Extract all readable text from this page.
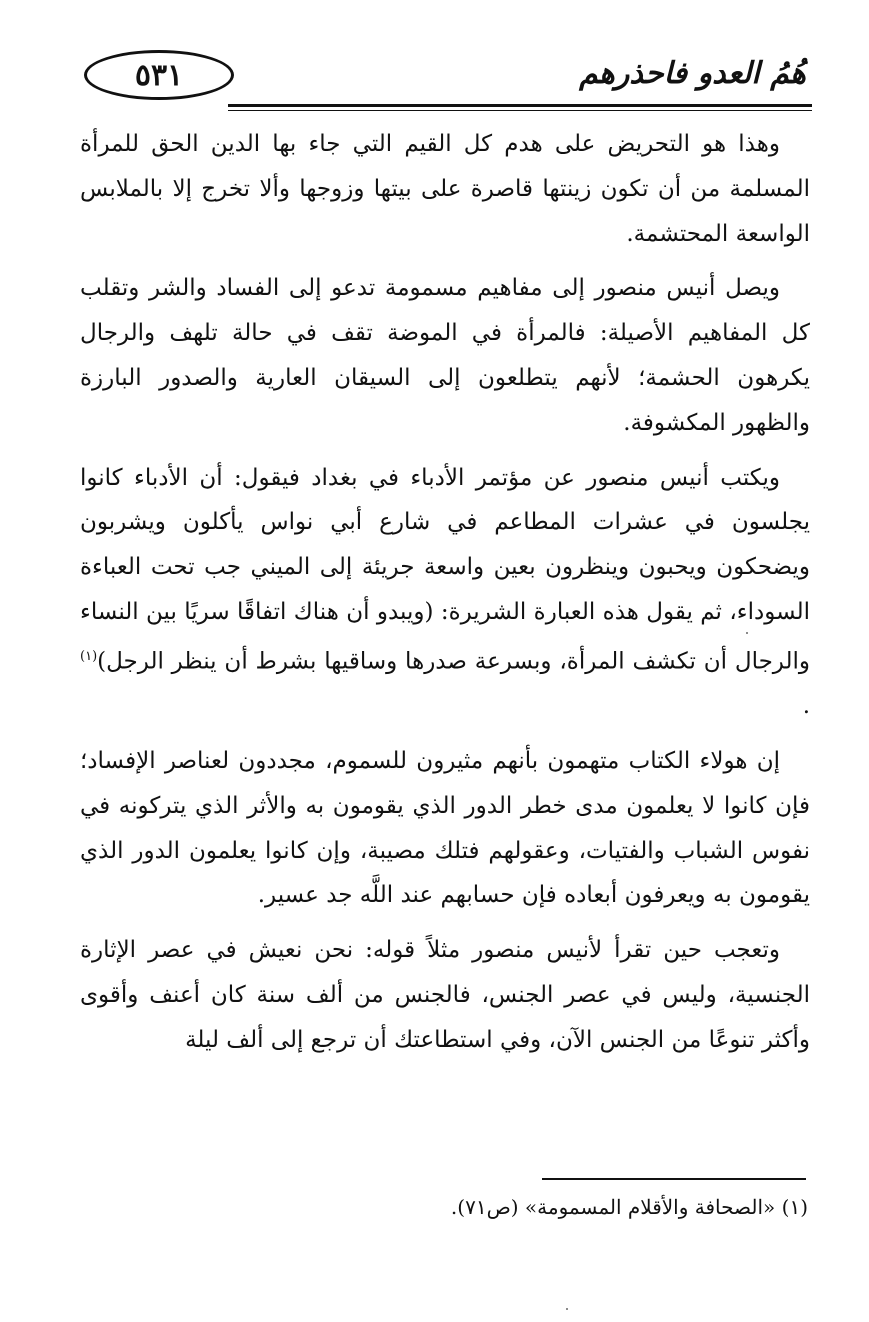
٥٣١	هُمُ العدو فاحذرهم

وهذا هو التحريض على هدم كل القيم التي جاء بها الدين الحق للمرأة المسلمة من أن تكون زينتها قاصرة على بيتها وزوجها وألا تخرج إلا بالملابس الواسعة المحتشمة.

ويصل أنيس منصور إلى مفاهيم مسمومة تدعو إلى الفساد والشر وتقلب كل المفاهيم الأصيلة: فالمرأة في الموضة تقف في حالة تلهف والرجال يكرهون الحشمة؛ لأنهم يتطلعون إلى السيقان العارية والصدور البارزة والظهور المكشوفة.

ويكتب أنيس منصور عن مؤتمر الأدباء في بغداد فيقول: أن الأدباء كانوا يجلسون في عشرات المطاعم في شارع أبي نواس يأكلون ويشربون ويضحكون ويحبون وينظرون بعين واسعة جريئة إلى الميني جب تحت العباءة السوداء، ثم يقول هذه العبارة الشريرة: (ويبدو أن هناك اتفاقًا سريًا بين النساء والرجال أن تكشف المرأة، وبسرعة صدرها وساقيها بشرط أن ينظر الرجل)$^{(١)}$ .

إن هولاء الكتاب متهمون بأنهم مثيرون للسموم، مجددون لعناصر الإفساد؛ فإن كانوا لا يعلمون مدى خطر الدور الذي يقومون به والأثر الذي يتركونه في نفوس الشباب والفتيات، وعقولهم فتلك مصيبة، وإن كانوا يعلمون الدور الذي يقومون به ويعرفون أبعاده فإن حسابهم عند اللَّه جد عسير.

وتعجب حين تقرأ لأنيس منصور مثلاً قوله: نحن نعيش في عصر الإثارة الجنسية، وليس في عصر الجنس، فالجنس من ألف سنة كان أعنف وأقوى وأكثر تنوعًا من الجنس الآن، وفي استطاعتك أن ترجع إلى ألف ليلة

(١) «الصحافة والأقلام المسمومة» (ص٧١).
